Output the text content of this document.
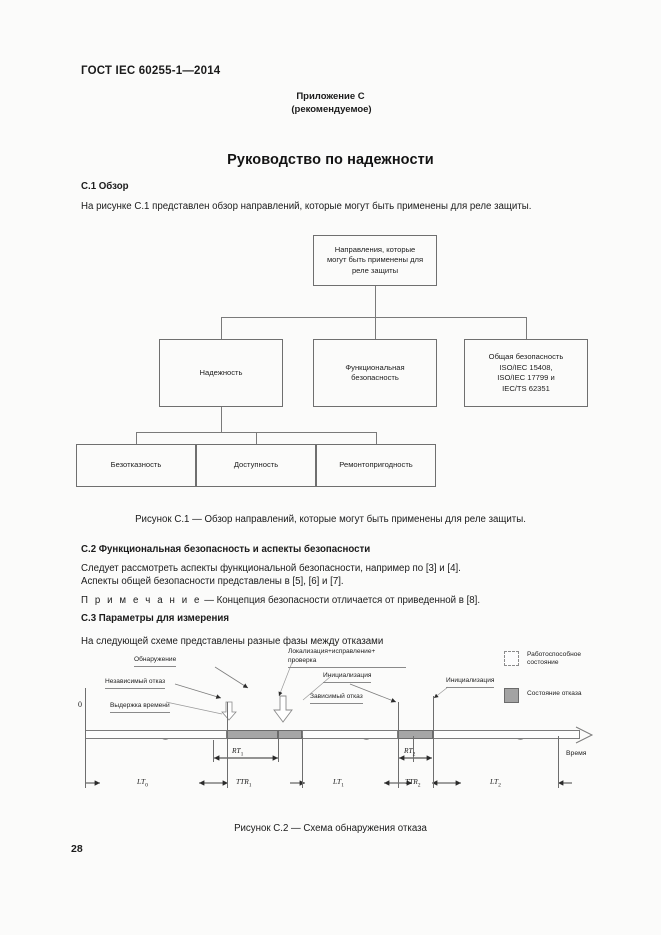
ГОСТ IEC 60255-1—2014
Приложение С
(рекомендуемое)
Руководство по надежности
С.1 Обзор
На рисунке С.1 представлен обзор направлений, которые могут быть применены для реле защиты.
Направления, которые
могут быть применены для
реле защиты
Надежность
Функциональная
безопасность
Общая безопасность
ISO/IEC 15408,
ISO/IEC 17799 и
IEC/TS 62351
Безотказность	Доступность	Ремонтопригодность
Рисунок С.1 — Обзор направлений, которые могут быть применены для реле защиты.
С.2 Функциональная безопасность и аспекты безопасности
Следует рассмотреть аспекты функциональной безопасности, например по [3] и [4].
Аспекты общей безопасности представлены в [5], [6] и [7].
П р и м е ч а н и е — Концепция безопасности отличается от приведенной в [8].
С.3 Параметры для измерения
На следующей схеме представлены разные фазы между отказами
Обнаружение
Независимый отказ
Выдержка времени
Локализация+исправление+
проверка
Инициализация
Зависимый отказ
Инициализация
Работоспособное
состояние
Состояние отказа
0
Время
$RT_1$	$RT_2$
$LT_0$	$TTR_1$	$LT_1$	$TTR_2$	$LT_2$
Рисунок С.2 — Схема обнаружения отказа
28
